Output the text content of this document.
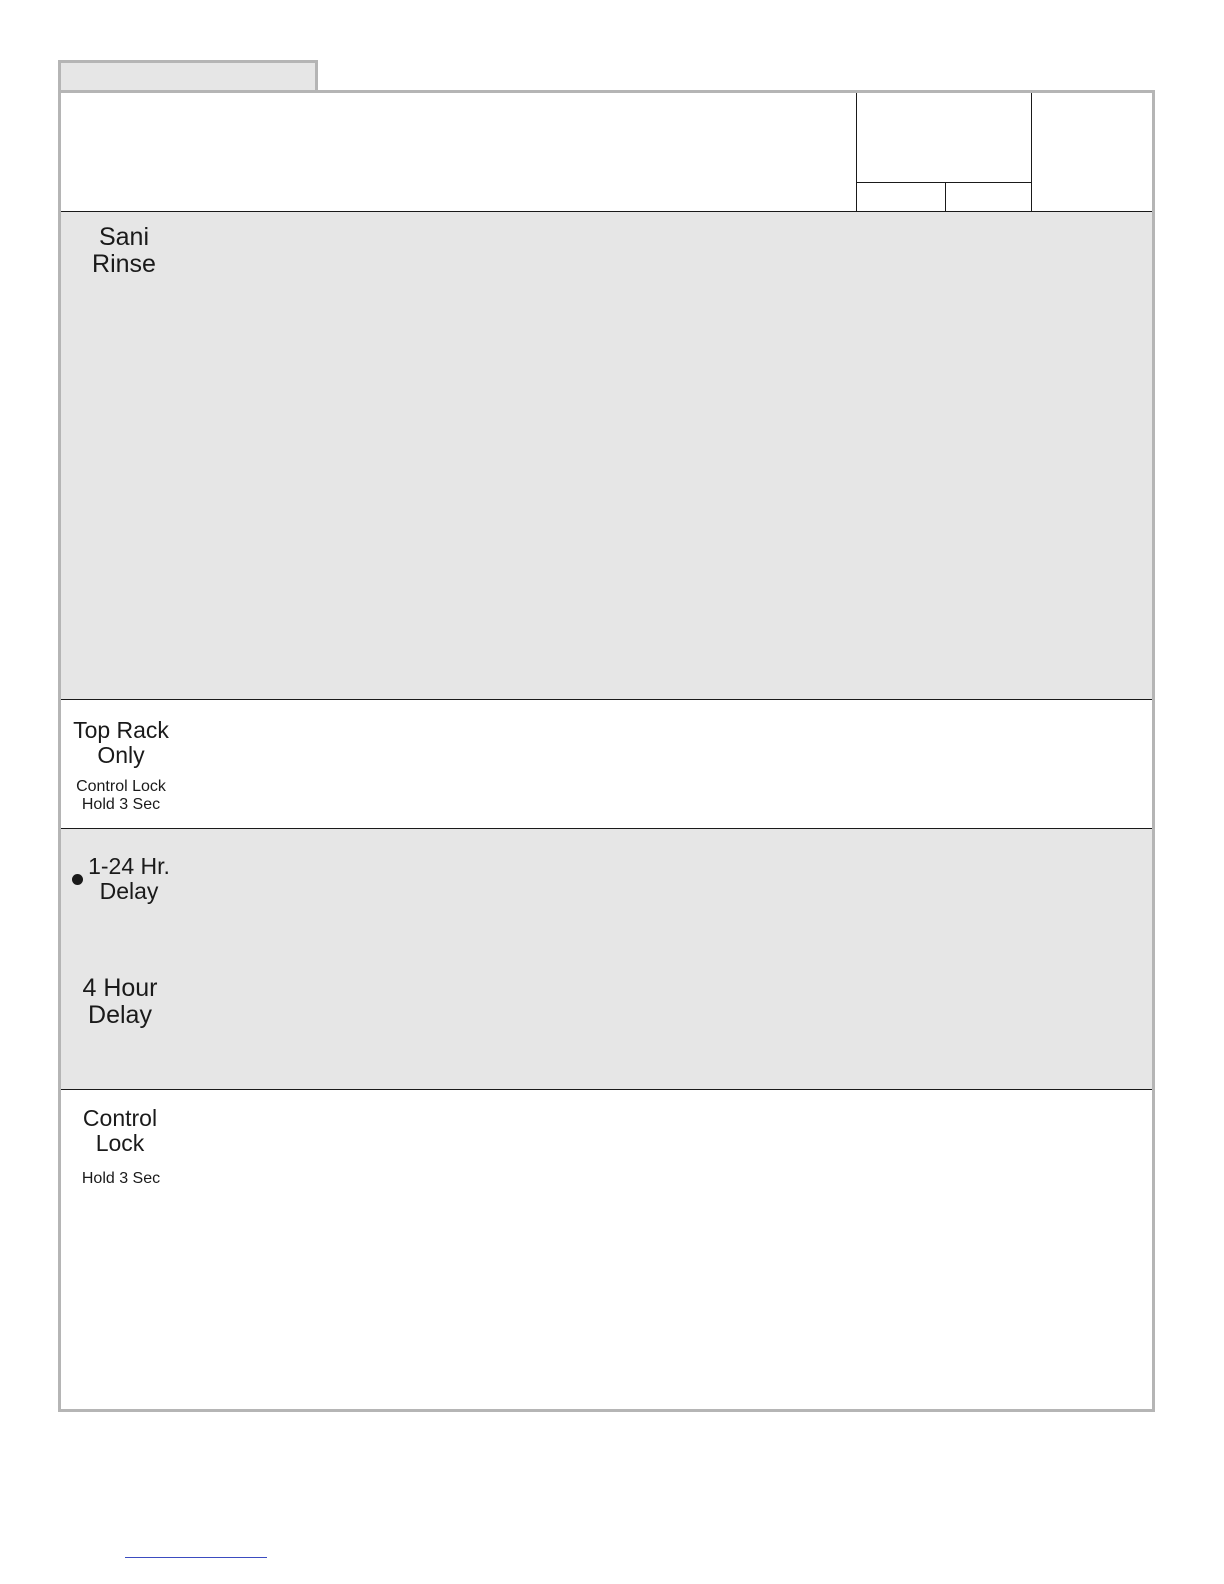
Sani
Rinse
Top Rack
Only
Control Lock
Hold 3 Sec
1-24 Hr.
Delay
4 Hour
Delay
Control
Lock
Hold 3 Sec
